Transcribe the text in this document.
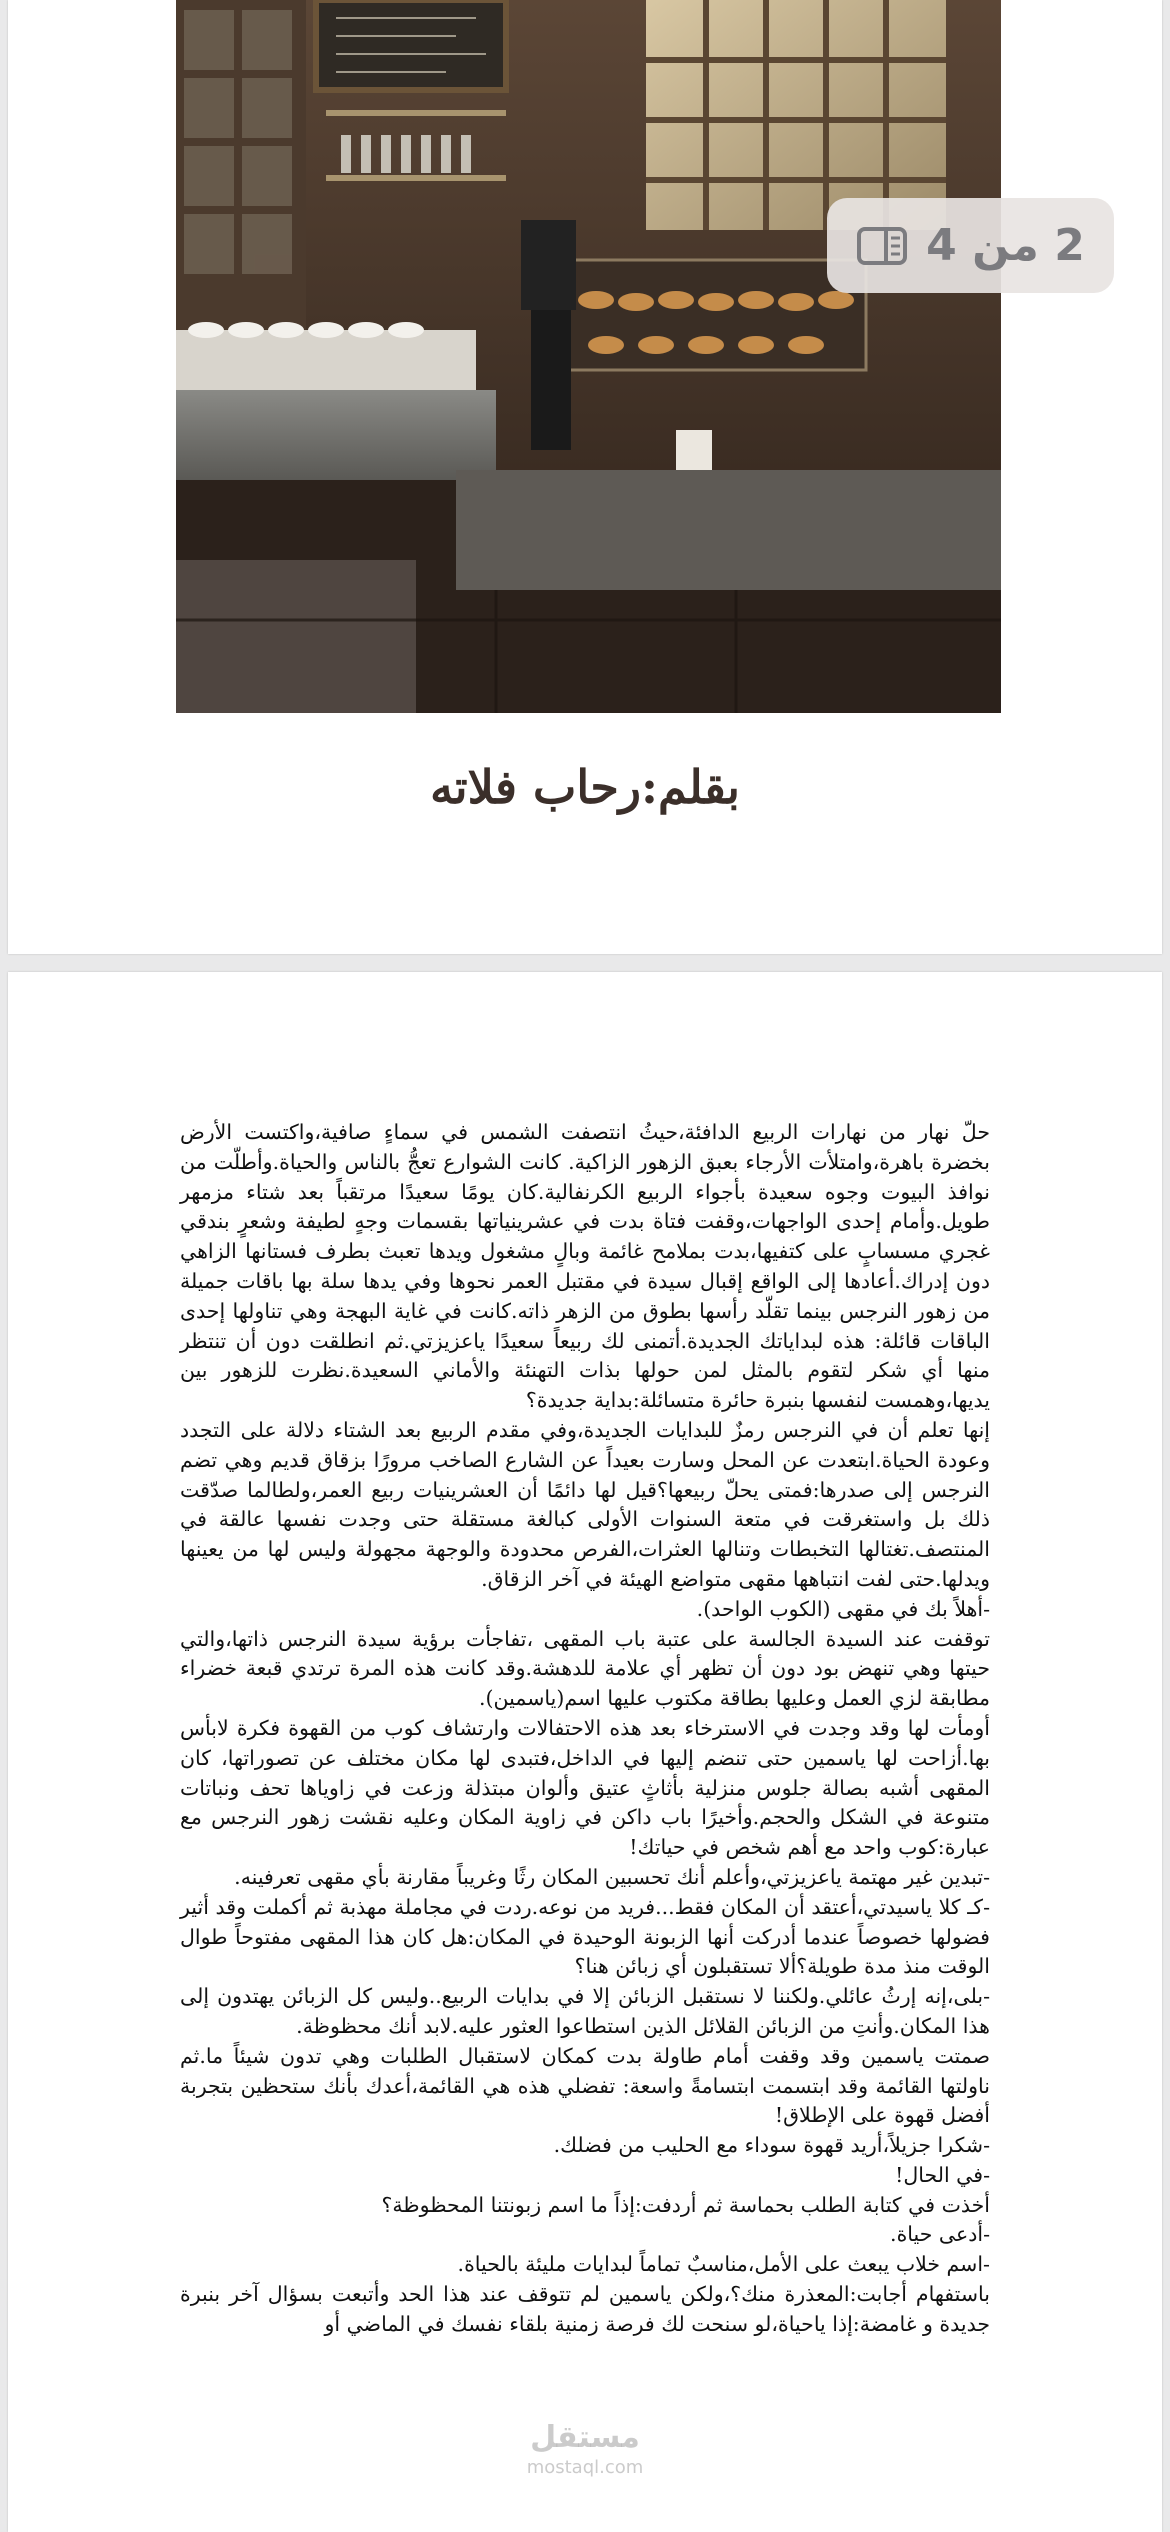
بقلم:رحاب فلاته
2 من 4

حلّ نهار من نهارات الربيع الدافئة،حيثُ انتصفت الشمس في سماءٍ صافية،واكتست الأرض بخضرة باهرة،وامتلأت الأرجاء بعبق الزهور الزاكية. كانت الشوارع تعجُّ بالناس والحياة.وأطلّت من نوافذ البيوت وجوه سعيدة بأجواء الربيع الكرنفالية.كان يومًا سعيدًا مرتقباً بعد شتاء مزمهر طويل.وأمام إحدى الواجهات،وقفت فتاة بدت في عشرينياتها بقسمات وجهٍ لطيفة وشعرٍ بندقي غجري مسسابٍ على كتفيها،بدت بملامح غائمة وبالٍ مشغول ويدها تعبث بطرف فستانها الزاهي دون إدراك.أعادها إلى الواقع إقبال سيدة في مقتبل العمر نحوها وفي يدها سلة بها باقات جميلة من زهور النرجس بينما تقلّد رأسها بطوق من الزهر ذاته.كانت في غاية البهجة وهي تناولها إحدى الباقات قائلة: هذه لبداياتك الجديدة.أتمنى لك ربيعاً سعيدًا ياعزيزتي.ثم انطلقت دون أن تنتظر منها أي شكر لتقوم بالمثل لمن حولها بذات التهنئة والأماني السعيدة.نظرت للزهور بين يديها،وهمست لنفسها بنبرة حائرة متسائلة:بداية جديدة؟

إنها تعلم أن في النرجس رمزٌ للبدايات الجديدة،وفي مقدم الربيع بعد الشتاء دلالة على التجدد وعودة الحياة.ابتعدت عن المحل وسارت بعيداً عن الشارع الصاخب مرورًا بزقاق قديم وهي تضم النرجس إلى صدرها:فمتى يحلّ ربيعها؟قيل لها دائمًا أن العشرينيات ربيع العمر،ولطالما صدّقت ذلك بل واستغرقت في متعة السنوات الأولى كبالغة مستقلة حتى وجدت نفسها عالقة في المنتصف.تغتالها التخبطات وتنالها العثرات،الفرص محدودة والوجهة مجهولة وليس لها من يعينها ويدلها.حتى لفت انتباهها مقهى متواضع الهيئة في آخر الزقاق.

-أهلاً بك في مقهى (الكوب الواحد).

توقفت عند السيدة الجالسة على عتبة باب المقهى ،تفاجأت برؤية سيدة النرجس ذاتها،والتي حيتها وهي تنهض بود دون أن تظهر أي علامة للدهشة.وقد كانت هذه المرة ترتدي قبعة خضراء مطابقة لزي العمل وعليها بطاقة مكتوب عليها اسم(ياسمين).

أومأت لها وقد وجدت في الاسترخاء بعد هذه الاحتفالات وارتشاف كوب من القهوة فكرة لابأس بها.أزاحت لها ياسمين حتى تنضم إليها في الداخل،فتبدى لها مكان مختلف عن تصوراتها، كان المقهى أشبه بصالة جلوس منزلية بأثاثٍ عتيق وألوان مبتذلة وزعت في زاوياها تحف ونباتات متنوعة في الشكل والحجم.وأخيرًا باب داكن في زاوية المكان وعليه نقشت زهور النرجس مع عبارة:كوب واحد مع أهم شخص في حياتك!

-تبدين غير مهتمة ياعزيزتي،وأعلم أنك تحسبين المكان رثًا وغريباً مقارنة بأي مقهى تعرفينه.

-كـ كلا ياسيدتي،أعتقد أن المكان فقط...فريد من نوعه.ردت في مجاملة مهذبة ثم أكملت وقد أثير فضولها خصوصاً عندما أدركت أنها الزبونة الوحيدة في المكان:هل كان هذا المقهى مفتوحاً طوال الوقت منذ مدة طويلة؟ألا تستقبلون أي زبائن هنا؟

-بلى،إنه إرثُ عائلي.ولكننا لا نستقبل الزبائن إلا في بدايات الربيع..وليس كل الزبائن يهتدون إلى هذا المكان.وأنتِ من الزبائن القلائل الذين استطاعوا العثور عليه.لابد أنك محظوظة.

صمتت ياسمين وقد وقفت أمام طاولة بدت كمكان لاستقبال الطلبات وهي تدون شيئاً ما.ثم ناولتها القائمة وقد ابتسمت ابتسامةً واسعة: تفضلي هذه هي القائمة،أعدك بأنك ستحظين بتجربة أفضل قهوة على الإطلاق!

-شكرا جزيلاً،أريد قهوة سوداء مع الحليب من فضلك.

-في الحال!

أخذت في كتابة الطلب بحماسة ثم أردفت:إذاً ما اسم زبونتنا المحظوظة؟

-أدعى حياة.

-اسم خلاب يبعث على الأمل،مناسبٌ تماماً لبدايات مليئة بالحياة.

باستفهام أجابت:المعذرة منك؟،ولكن ياسمين لم تتوقف عند هذا الحد وأتبعت بسؤال آخر بنبرة جديدة و غامضة:إذا ياحياة،لو سنحت لك فرصة زمنية بلقاء نفسك في الماضي أو

مستقل
mostaql.com
